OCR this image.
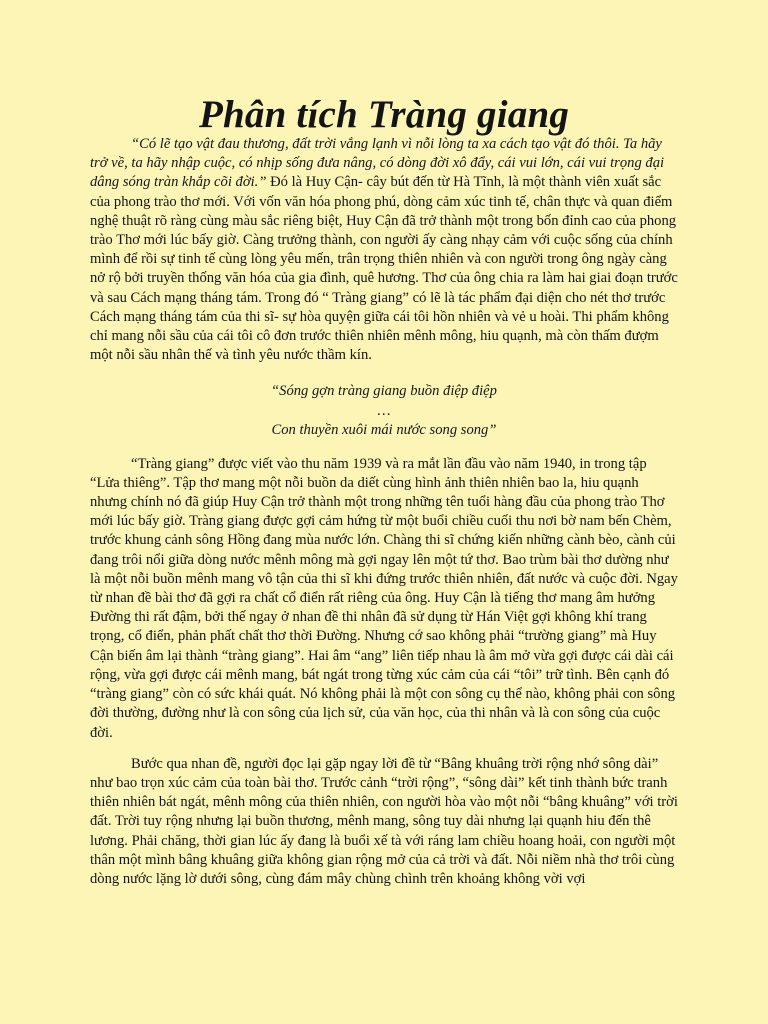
Phân tích Tràng giang

“Có lẽ tạo vật đau thương, đất trời vắng lạnh vì nỗi lòng ta xa cách tạo vật đó thôi. Ta hãy trở về, ta hãy nhập cuộc, có nhịp sống đưa nâng, có dòng đời xô đẩy, cái vui lớn, cái vui trọng đại dâng sóng tràn khắp cõi đời.” Đó là Huy Cận- cây bút đến từ Hà Tĩnh, là một thành viên xuất sắc của phong trào thơ mới. Với vốn văn hóa phong phú, dòng cảm xúc tinh tế, chân thực và quan điểm nghệ thuật rõ ràng cùng màu sắc riêng biệt, Huy Cận đã trở thành một trong bốn đỉnh cao của phong trào Thơ mới lúc bấy giờ. Càng trưởng thành, con người ấy càng nhạy cảm với cuộc sống của chính mình để rồi sự tinh tế cùng lòng yêu mến, trân trọng thiên nhiên và con người trong ông ngày càng nở rộ bởi truyền thống văn hóa của gia đình, quê hương. Thơ của ông chia ra làm hai giai đoạn trước và sau Cách mạng tháng tám. Trong đó “ Tràng giang” có lẽ là tác phẩm đại diện cho nét thơ trước Cách mạng tháng tám của thi sĩ- sự hòa quyện giữa cái tôi hồn nhiên và vẻ u hoài. Thi phẩm không chỉ mang nỗi sầu của cái tôi cô đơn trước thiên nhiên mênh mông, hiu quạnh, mà còn thấm đượm một nỗi sầu nhân thế và tình yêu nước thầm kín.

“Sóng gợn tràng giang buồn điệp điệp
…
Con thuyền xuôi mái nước song song”

“Tràng giang” được viết vào thu năm 1939 và ra mắt lần đầu vào năm 1940, in trong tập “Lửa thiêng”. Tập thơ mang một nỗi buồn da diết cùng hình ảnh thiên nhiên bao la, hiu quạnh nhưng chính nó đã giúp Huy Cận trở thành một trong những tên tuổi hàng đầu của phong trào Thơ mới lúc bấy giờ. Tràng giang được gợi cảm hứng từ một buổi chiều cuối thu nơi bờ nam bến Chèm, trước khung cảnh sông Hồng đang mùa nước lớn. Chàng thi sĩ chứng kiến những cành bèo, cành củi đang trôi nổi giữa dòng nước mênh mông mà gợi ngay lên một tứ thơ. Bao trùm bài thơ dường như là một nỗi buồn mênh mang vô tận của thi sĩ khi đứng trước thiên nhiên, đất nước và cuộc đời. Ngay từ nhan đề bài thơ đã gợi ra chất cổ điển rất riêng của ông. Huy Cận là tiếng thơ mang âm hưởng Đường thi rất đậm, bởi thế ngay ở nhan đề thi nhân đã sử dụng từ Hán Việt gợi không khí trang trọng, cổ điển, phản phất chất thơ thời Đường. Nhưng cớ sao không phải “trường giang” mà Huy Cận biến âm lại thành “tràng giang”. Hai âm “ang” liên tiếp nhau là âm mở vừa gợi được cái dài cái rộng, vừa gợi được cái mênh mang, bát ngát trong từng xúc cảm của cái “tôi” trữ tình. Bên cạnh đó “tràng giang” còn có sức khái quát. Nó không phải là một con sông cụ thể nào, không phải con sông đời thường, đường như là con sông của lịch sử, của văn học, của thi nhân và là con sông của cuộc đời.

Bước qua nhan đề, người đọc lại gặp ngay lời đề từ “Bâng khuâng trời rộng nhớ sông dài” như bao trọn xúc cảm của toàn bài thơ. Trước cảnh “trời rộng”, “sông dài” kết tinh thành bức tranh thiên nhiên bát ngát, mênh mông của thiên nhiên, con người hòa vào một nỗi “bâng khuâng” với trời đất. Trời tuy rộng nhưng lại buồn thương, mênh mang, sông tuy dài nhưng lại quạnh hiu đến thê lương. Phải chăng, thời gian lúc ấy đang là buổi xế tà với ráng lam chiều hoang hoải, con người một thân một mình bâng khuâng giữa không gian rộng mở của cả trời và đất. Nỗi niềm nhà thơ trôi cùng dòng nước lặng lờ dưới sông, cùng đám mây chùng chình trên khoảng không vời vợi
